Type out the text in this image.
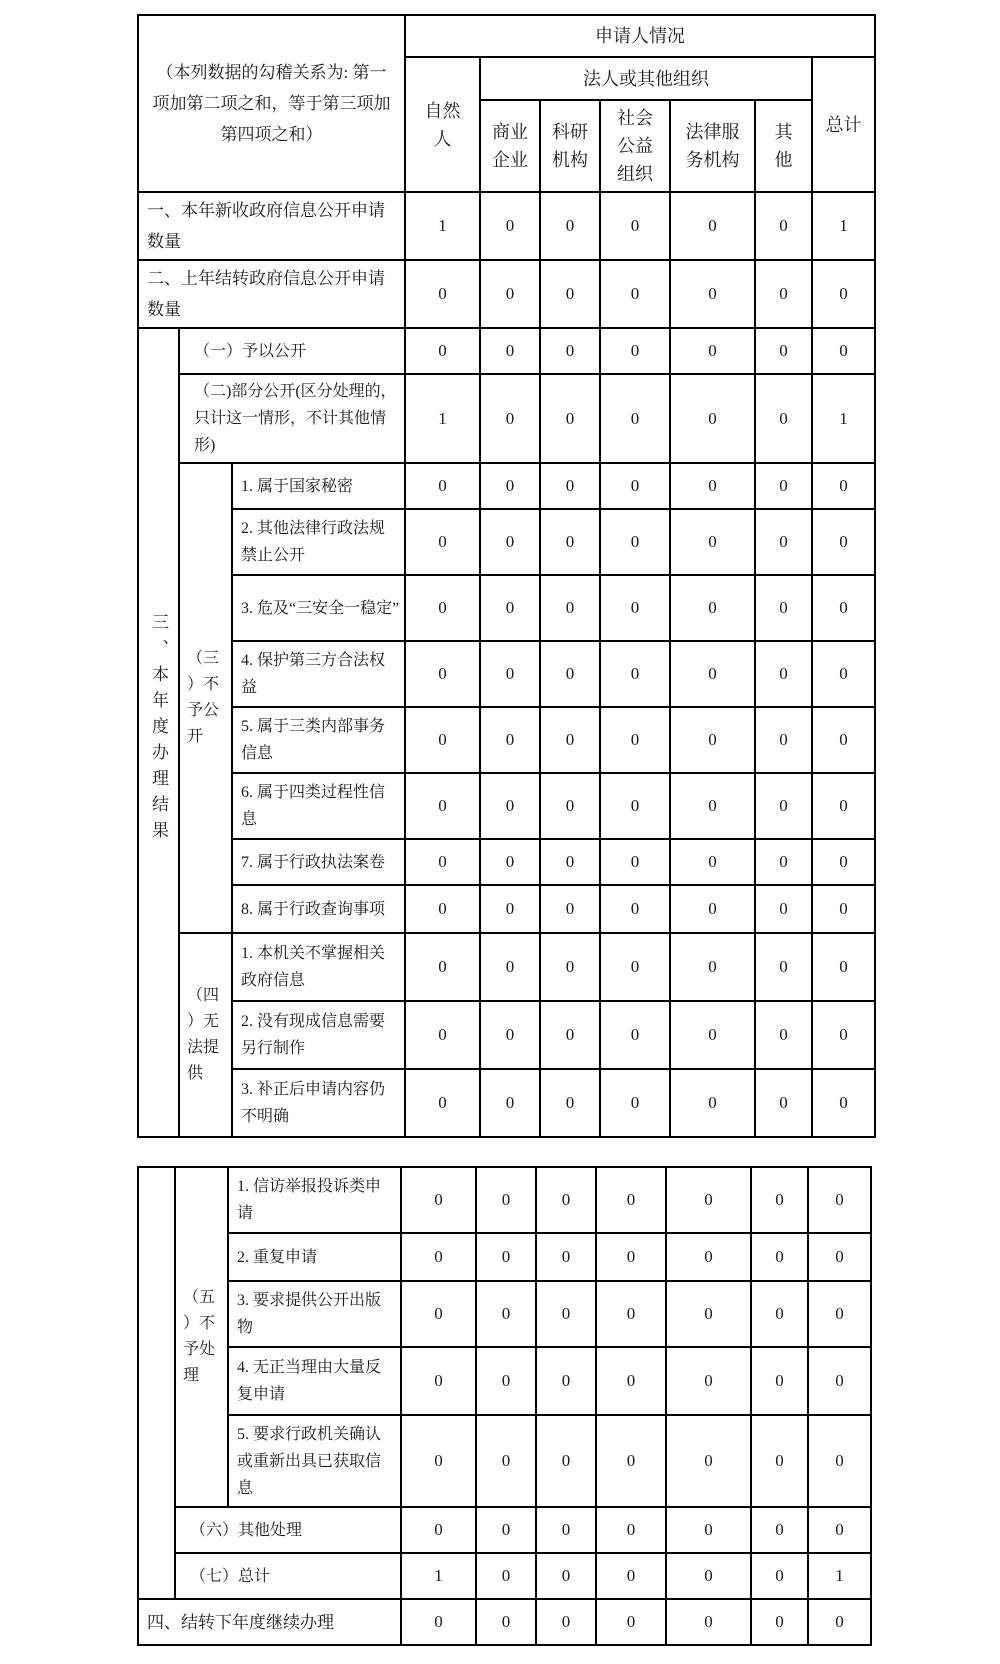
（本列数据的勾稽关系为: 第一项加第二项之和，等于第三项加第四项之和）			申请人情况						
			自然人	法人或其他组织					总计
				商业企业	科研机构	社会公益组织	法律服务机构	其他	
一、本年新收政府信息公开申请数量			1	0	0	0	0	0	1
二、上年结转政府信息公开申请数量			0	0	0	0	0	0	0
三、本年度办理结果	（一）予以公开		0	0	0	0	0	0	0
	（二)部分公开(区分处理的，只计这一情形，不计其他情形)		1	0	0	0	0	0	1
	（三）不予公开	1. 属于国家秘密	0	0	0	0	0	0	0
		2. 其他法律行政法规禁止公开	0	0	0	0	0	0	0
		3. 危及“三安全一稳定”	0	0	0	0	0	0	0
		4. 保护第三方合法权益	0	0	0	0	0	0	0
		5. 属于三类内部事务信息	0	0	0	0	0	0	0
		6. 属于四类过程性信息	0	0	0	0	0	0	0
		7. 属于行政执法案卷	0	0	0	0	0	0	0
		8. 属于行政查询事项	0	0	0	0	0	0	0
	（四）无法提供	1. 本机关不掌握相关政府信息	0	0	0	0	0	0	0
		2. 没有现成信息需要另行制作	0	0	0	0	0	0	0
		3. 补正后申请内容仍不明确	0	0	0	0	0	0	0
	（五）不予处理	1. 信访举报投诉类申请	0	0	0	0	0	0	0
		2. 重复申请	0	0	0	0	0	0	0
		3. 要求提供公开出版物	0	0	0	0	0	0	0
		4. 无正当理由大量反复申请	0	0	0	0	0	0	0
		5. 要求行政机关确认或重新出具已获取信息	0	0	0	0	0	0	0
	（六）其他处理		0	0	0	0	0	0	0
	（七）总计		1	0	0	0	0	0	1
四、结转下年度继续办理			0	0	0	0	0	0	0
